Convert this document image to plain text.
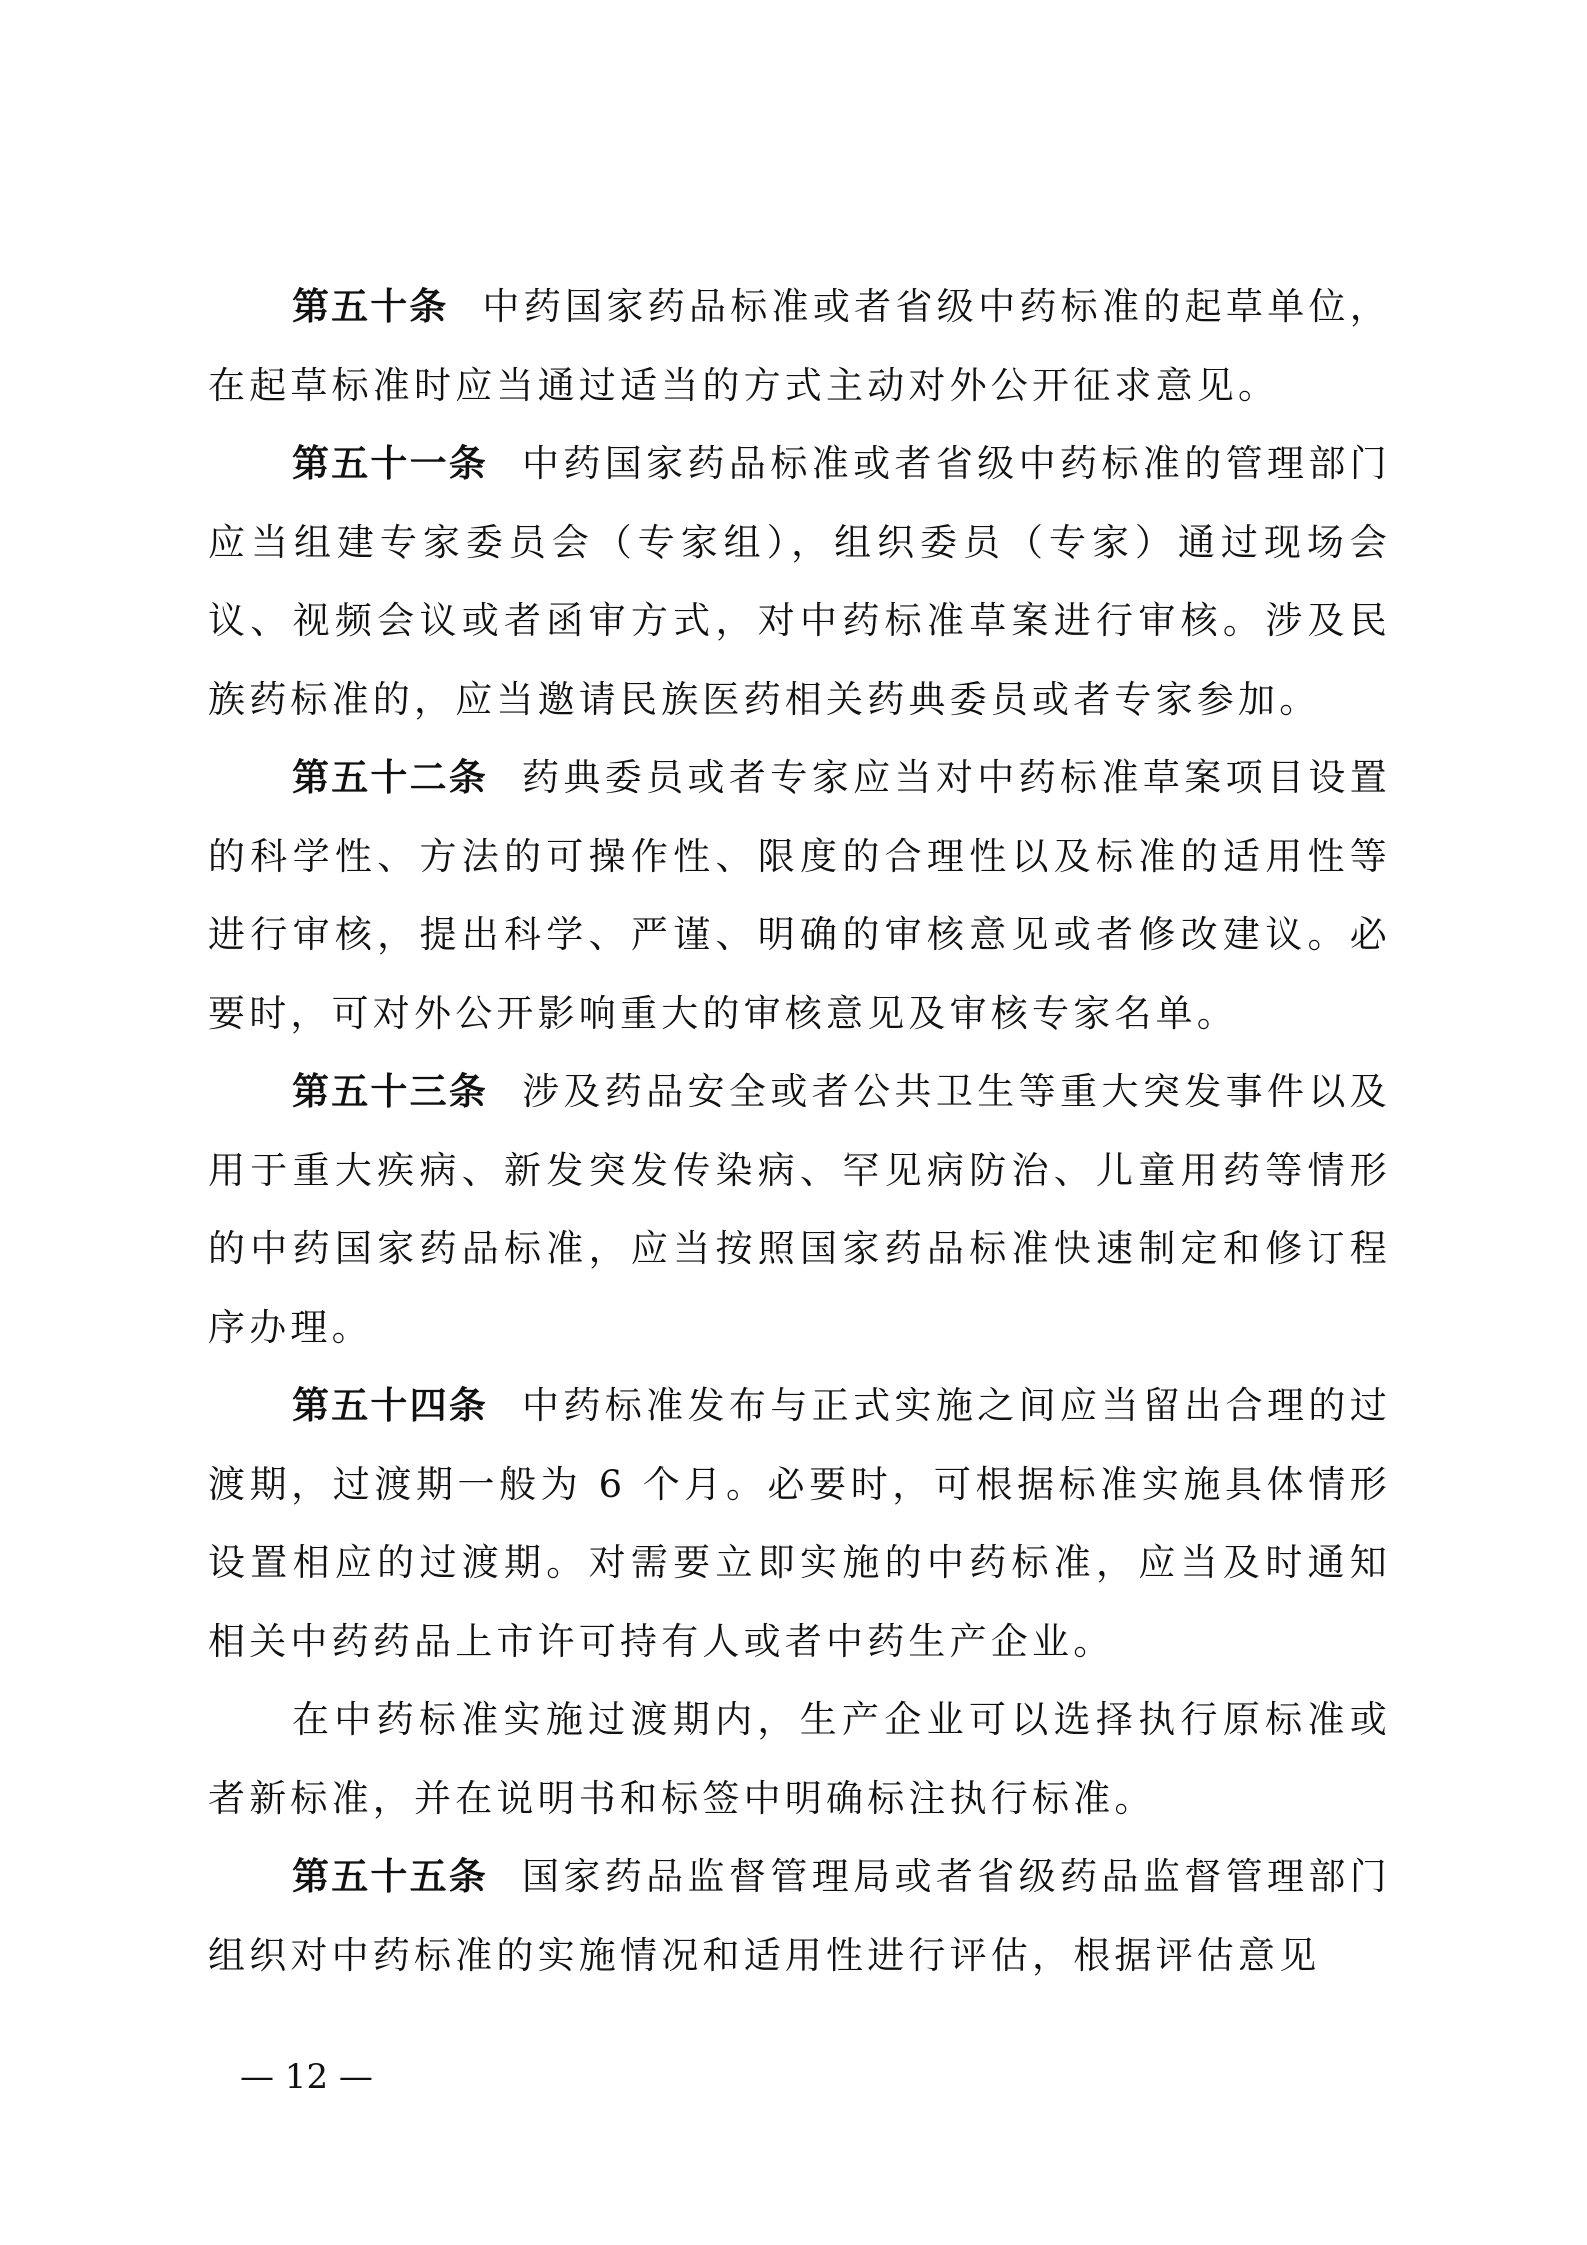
第五十条 中药国家药品标准或者省级中药标准的起草单位，在起草标准时应当通过适当的方式主动对外公开征求意见。

第五十一条 中药国家药品标准或者省级中药标准的管理部门应当组建专家委员会（专家组），组织委员（专家）通过现场会议、视频会议或者函审方式，对中药标准草案进行审核。涉及民族药标准的，应当邀请民族医药相关药典委员或者专家参加。

第五十二条 药典委员或者专家应当对中药标准草案项目设置的科学性、方法的可操作性、限度的合理性以及标准的适用性等进行审核，提出科学、严谨、明确的审核意见或者修改建议。必要时，可对外公开影响重大的审核意见及审核专家名单。

第五十三条 涉及药品安全或者公共卫生等重大突发事件以及用于重大疾病、新发突发传染病、罕见病防治、儿童用药等情形的中药国家药品标准，应当按照国家药品标准快速制定和修订程序办理。

第五十四条 中药标准发布与正式实施之间应当留出合理的过渡期，过渡期一般为 6 个月。必要时，可根据标准实施具体情形设置相应的过渡期。对需要立即实施的中药标准，应当及时通知相关中药药品上市许可持有人或者中药生产企业。

在中药标准实施过渡期内，生产企业可以选择执行原标准或者新标准，并在说明书和标签中明确标注执行标准。

第五十五条 国家药品监督管理局或者省级药品监督管理部门组织对中药标准的实施情况和适用性进行评估，根据评估意见

— 12 —
